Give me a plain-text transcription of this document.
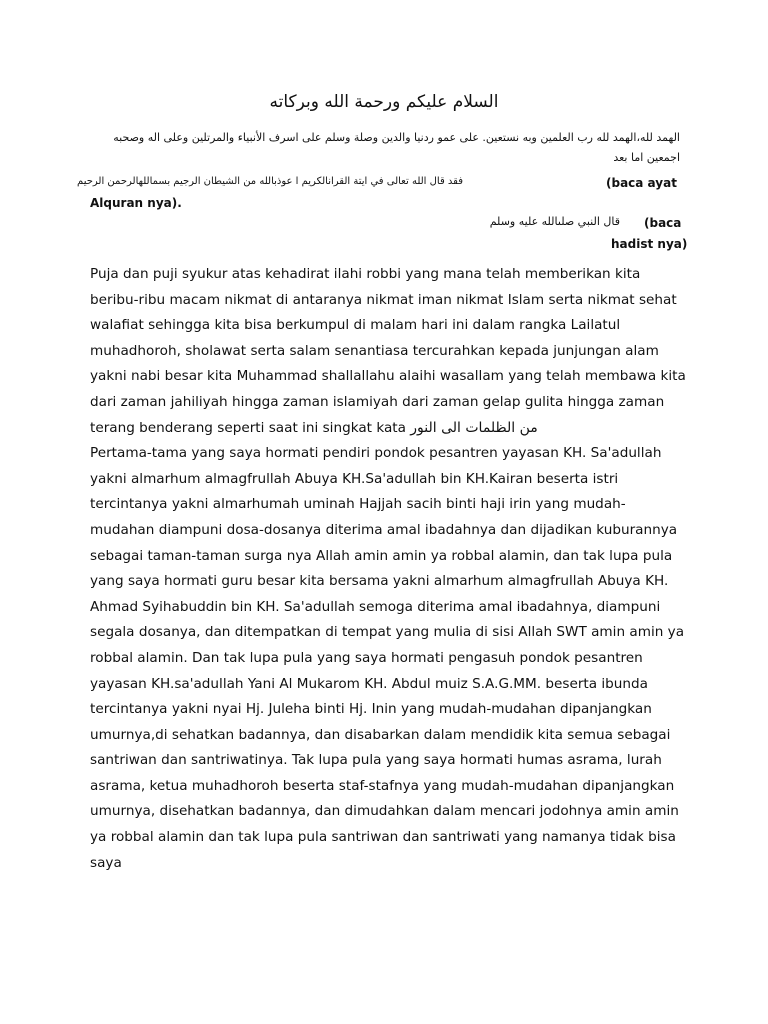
السلام عليكم ورحمة الله وبركاته
الهمد لله،الهمد لله رب العلمين وبه نستعين. على عمو ردنيا والدين وصلة وسلم على اسرف الأنبياء والمرتلين وعلى اله وصحبه اجمعين اما بعد
فقد قال الله تعالى في ايتة القرانالكريم ا عوذبالله من الشيطان الرجيم بسماللهالرحمن الرحيم	(baca ayat
Alquran nya).
قال النبي صلىالله عليه وسلم (baca
hadist nya)

Puja dan puji syukur atas kehadirat ilahi robbi yang mana telah memberikan kita beribu-ribu macam nikmat di antaranya nikmat iman nikmat Islam serta nikmat sehat walafiat sehingga kita bisa berkumpul di malam hari ini dalam rangka Lailatul muhadhoroh, sholawat serta salam senantiasa tercurahkan kepada junjungan alam yakni nabi besar kita Muhammad shallallahu alaihi wasallam yang telah membawa kita dari zaman jahiliyah hingga zaman islamiyah dari zaman gelap gulita hingga zaman terang benderang seperti saat ini singkat kata من الظلمات الى النور

Pertama-tama yang saya hormati pendiri pondok pesantren yayasan KH. Sa'adullah yakni almarhum almagfrullah Abuya KH.Sa'adullah bin KH.Kairan beserta istri tercintanya yakni almarhumah uminah Hajjah sacih binti haji irin yang mudah-mudahan diampuni dosa-dosanya diterima amal ibadahnya dan dijadikan kuburannya sebagai taman-taman surga nya Allah amin amin ya robbal alamin, dan tak lupa pula yang saya hormati guru besar kita bersama yakni almarhum almagfrullah Abuya KH. Ahmad Syihabuddin bin KH. Sa'adullah semoga diterima amal ibadahnya, diampuni segala dosanya, dan ditempatkan di tempat yang mulia di sisi Allah SWT amin amin ya robbal alamin. Dan tak lupa pula yang saya hormati pengasuh pondok pesantren yayasan KH.sa'adullah Yani Al Mukarom KH. Abdul muiz S.A.G.MM. beserta ibunda tercintanya yakni nyai Hj. Juleha binti Hj. Inin yang mudah-mudahan dipanjangkan umurnya,di sehatkan badannya, dan disabarkan dalam mendidik kita semua sebagai santriwan dan santriwatinya. Tak lupa pula yang saya hormati humas asrama, lurah asrama, ketua muhadhoroh beserta staf-stafnya yang mudah-mudahan dipanjangkan umurnya, disehatkan badannya, dan dimudahkan dalam mencari jodohnya amin amin ya robbal alamin dan tak lupa pula santriwan dan santriwati yang namanya tidak bisa saya
